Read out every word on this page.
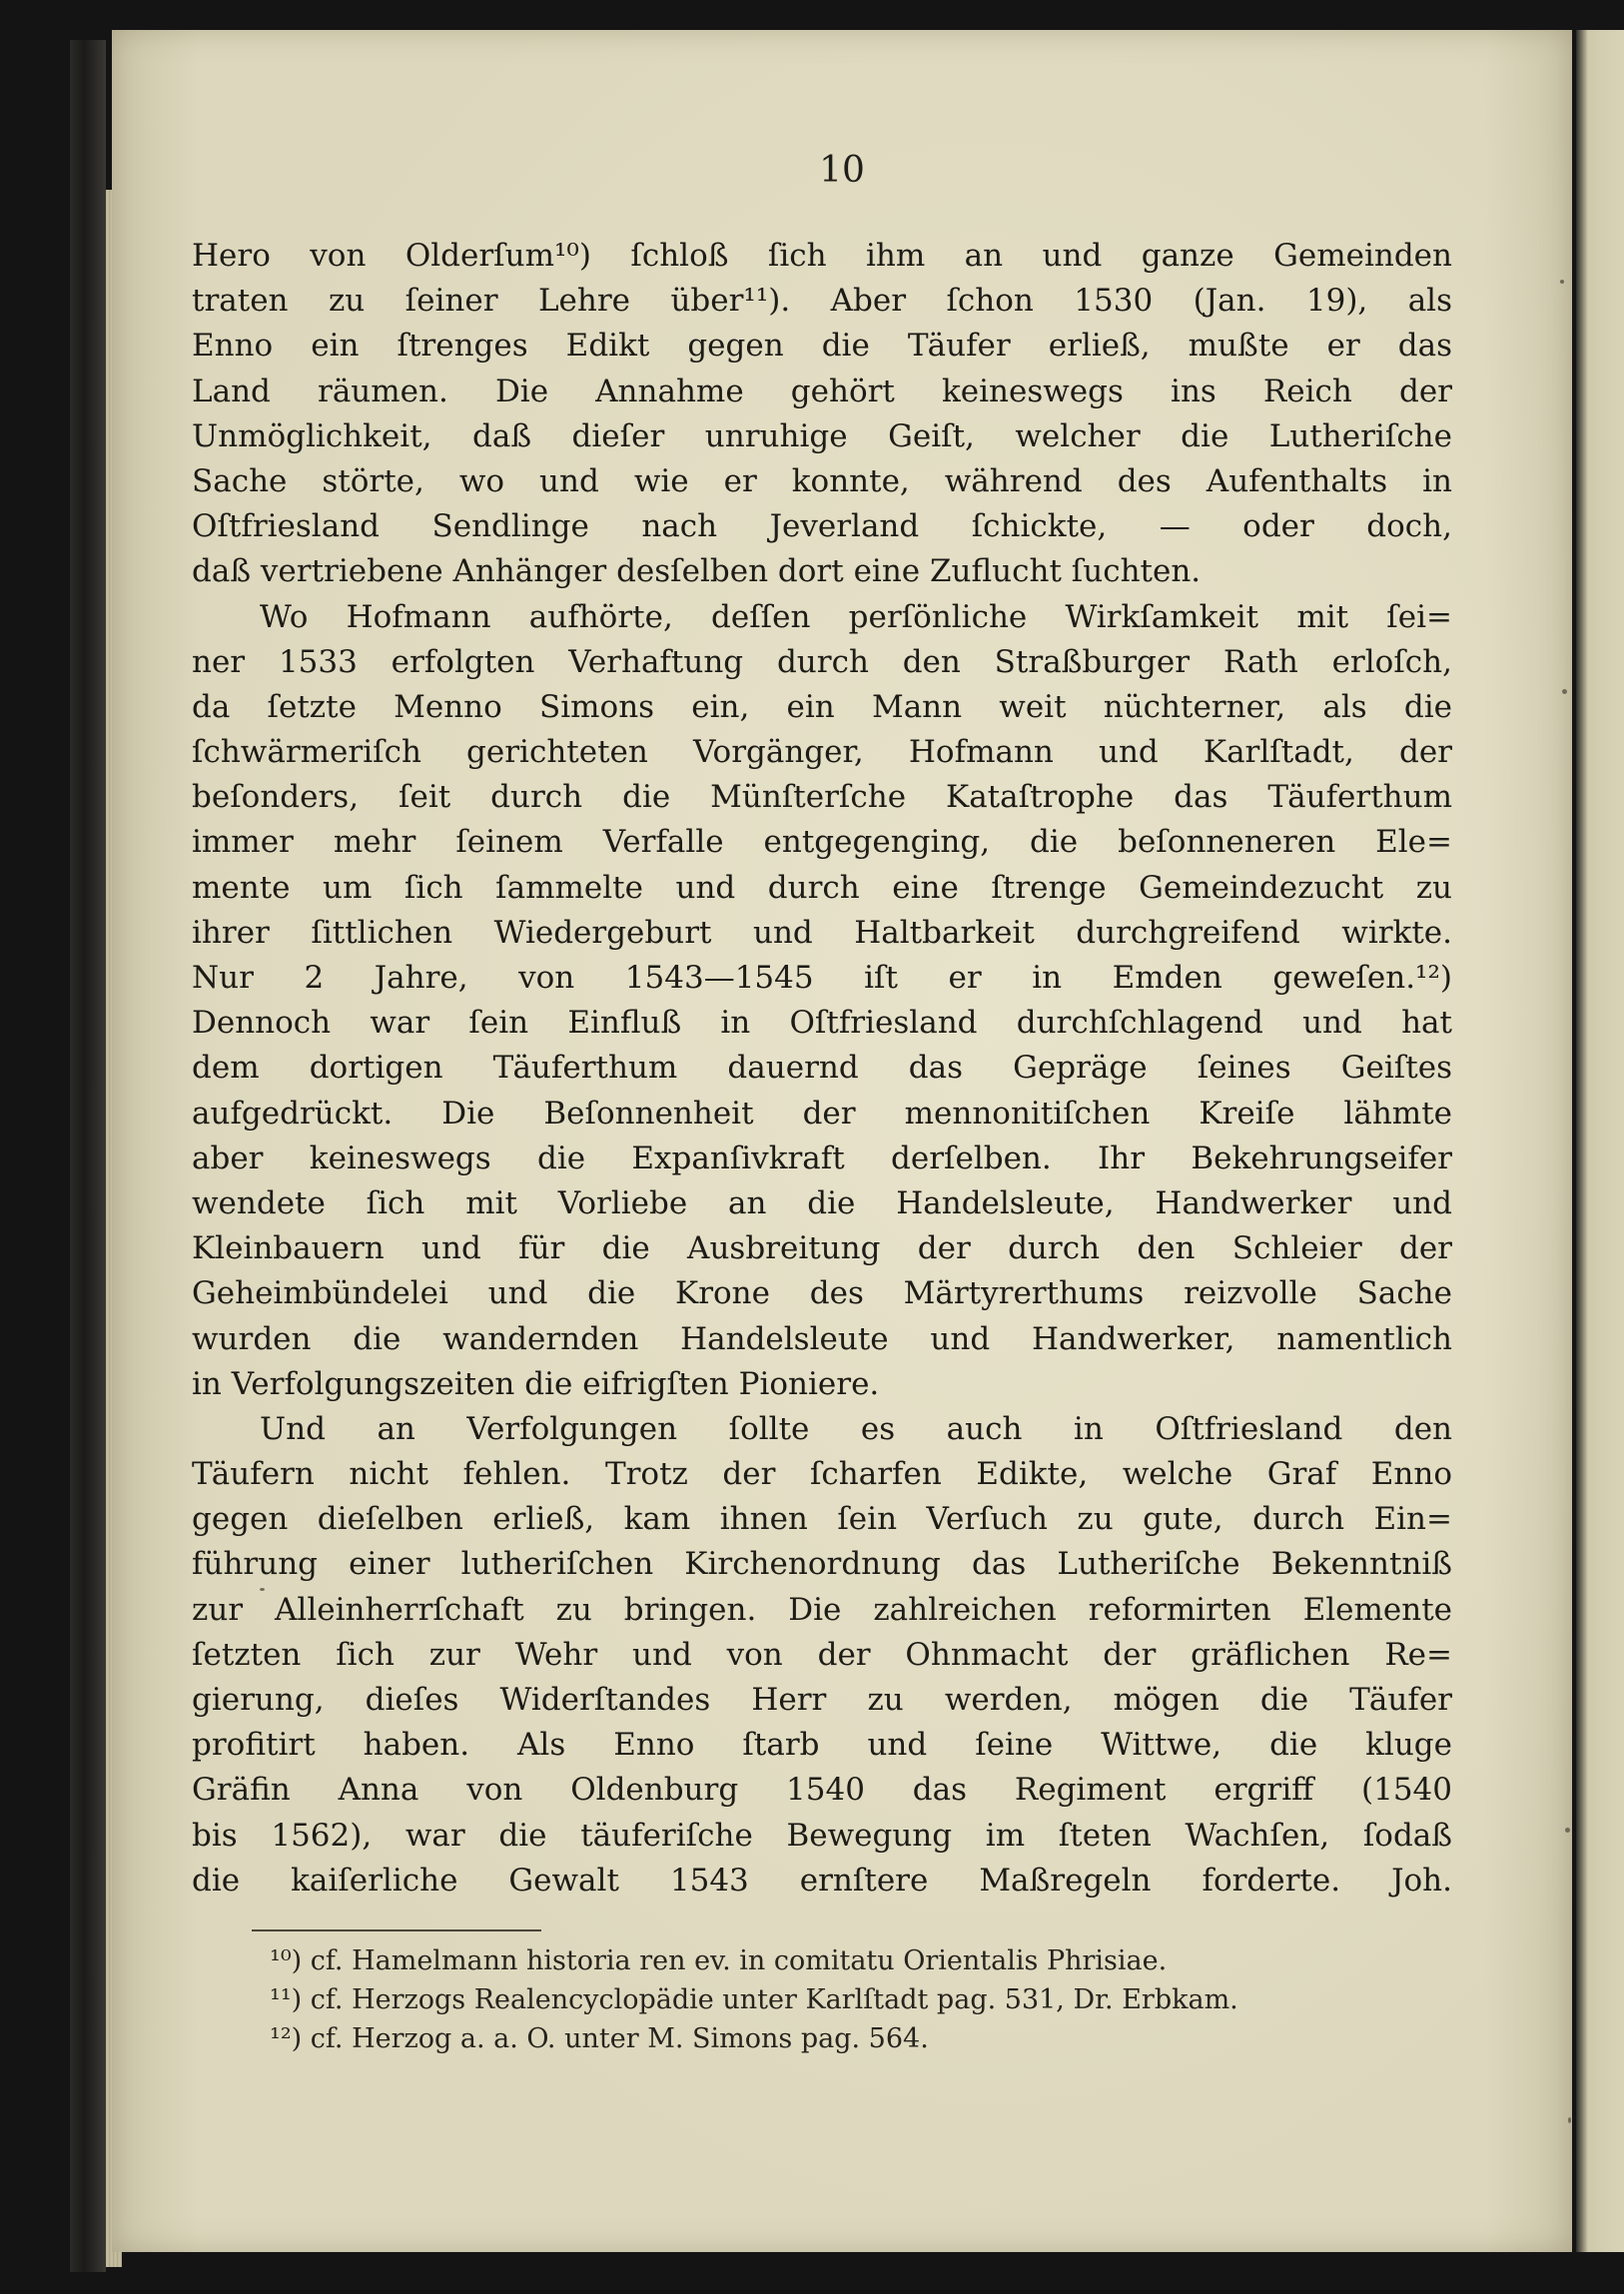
10
Hero von Olderſum¹⁰) ſchloß ſich ihm an und ganze Gemeinden
traten zu ſeiner Lehre über¹¹). Aber ſchon 1530 (Jan. 19), als
Enno ein ſtrenges Edikt gegen die Täufer erließ, mußte er das
Land räumen. Die Annahme gehört keineswegs ins Reich der
Unmöglichkeit, daß dieſer unruhige Geiſt, welcher die Lutheriſche
Sache störte, wo und wie er konnte, während des Aufenthalts in
Oſtfriesland Sendlinge nach Jeverland ſchickte, — oder doch,
daß vertriebene Anhänger desſelben dort eine Zuflucht ſuchten.
Wo Hofmann aufhörte, deſſen perſönliche Wirkſamkeit mit ſei=
ner 1533 erfolgten Verhaftung durch den Straßburger Rath erloſch,
da ſetzte Menno Simons ein, ein Mann weit nüchterner, als die
ſchwärmeriſch gerichteten Vorgänger, Hofmann und Karlſtadt, der
beſonders, ſeit durch die Münſterſche Kataſtrophe das Täuferthum
immer mehr ſeinem Verfalle entgegenging, die beſonneneren Ele=
mente um ſich ſammelte und durch eine ſtrenge Gemeindezucht zu
ihrer ſittlichen Wiedergeburt und Haltbarkeit durchgreifend wirkte.
Nur 2 Jahre, von 1543—1545 iſt er in Emden geweſen.¹²)
Dennoch war ſein Einfluß in Oſtfriesland durchſchlagend und hat
dem dortigen Täuferthum dauernd das Gepräge ſeines Geiſtes
aufgedrückt. Die Beſonnenheit der mennonitiſchen Kreiſe lähmte
aber keineswegs die Expanſivkraft derſelben. Ihr Bekehrungseifer
wendete ſich mit Vorliebe an die Handelsleute, Handwerker und
Kleinbauern und für die Ausbreitung der durch den Schleier der
Geheimbündelei und die Krone des Märtyrerthums reizvolle Sache
wurden die wandernden Handelsleute und Handwerker, namentlich
in Verfolgungszeiten die eifrigſten Pioniere.
Und an Verfolgungen ſollte es auch in Oſtfriesland den
Täufern nicht fehlen. Trotz der ſcharfen Edikte, welche Graf Enno
gegen dieſelben erließ, kam ihnen ſein Verſuch zu gute, durch Ein=
führung einer lutheriſchen Kirchenordnung das Lutheriſche Bekenntniß
zur Alleinherrſchaft zu bringen. Die zahlreichen reformirten Elemente
ſetzten ſich zur Wehr und von der Ohnmacht der gräflichen Re=
gierung, dieſes Widerſtandes Herr zu werden, mögen die Täufer
profitirt haben. Als Enno ſtarb und ſeine Wittwe, die kluge
Gräfin Anna von Oldenburg 1540 das Regiment ergriff (1540
bis 1562), war die täuferiſche Bewegung im ſteten Wachſen, ſodaß
die kaiſerliche Gewalt 1543 ernſtere Maßregeln forderte. Joh.
¹⁰) cf. Hamelmann historia ren ev. in comitatu Orientalis Phrisiae.
¹¹) cf. Herzogs Realencyclopädie unter Karlſtadt pag. 531, Dr. Erbkam.
¹²) cf. Herzog a. a. O. unter M. Simons pag. 564.
